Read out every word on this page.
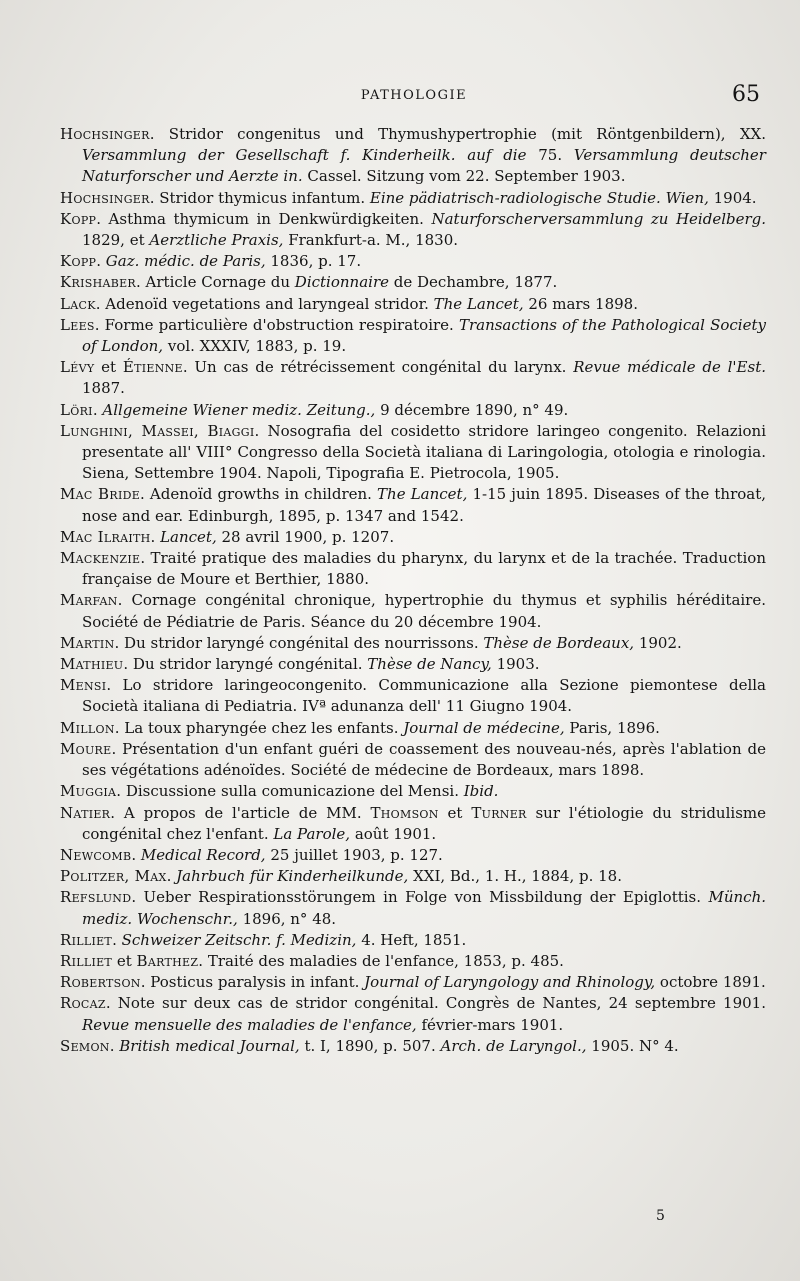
PATHOLOGIE	65

Hochsinger. Stridor congenitus und Thymushypertrophie (mit Röntgenbildern), XX. Versammlung der Gesellschaft f. Kinderheilk. auf die 75. Versammlung deutscher Naturforscher und Aerzte in. Cassel. Sitzung vom 22. September 1903.

Hochsinger. Stridor thymicus infantum. Eine pädiatrisch-radiologische Studie. Wien, 1904.

Kopp. Asthma thymicum in Denkwürdigkeiten. Naturforscherversammlung zu Heidelberg. 1829, et Aerztliche Praxis, Frankfurt-a. M., 1830.

Kopp. Gaz. médic. de Paris, 1836, p. 17.

Krishaber. Article Cornage du Dictionnaire de Dechambre, 1877.

Lack. Adenoïd vegetations and laryngeal stridor. The Lancet, 26 mars 1898.

Lees. Forme particulière d'obstruction respiratoire. Transactions of the Pathological Society of London, vol. XXXIV, 1883, p. 19.

Lévy et Étienne. Un cas de rétrécissement congénital du larynx. Revue médicale de l'Est. 1887.

Löri. Allgemeine Wiener mediz. Zeitung., 9 décembre 1890, n° 49.

Lunghini, Massei, Biaggi. Nosografia del cosidetto stridore laringeo congenito. Relazioni presentate all' VIII° Congresso della Società italiana di Laringologia, otologia e rinologia. Siena, Settembre 1904. Napoli, Tipografia E. Pietrocola, 1905.

Mac Bride. Adenoïd growths in children. The Lancet, 1-15 juin 1895. Diseases of the throat, nose and ear. Edinburgh, 1895, p. 1347 and 1542.

Mac Ilraith. Lancet, 28 avril 1900, p. 1207.

Mackenzie. Traité pratique des maladies du pharynx, du larynx et de la trachée. Traduction française de Moure et Berthier, 1880.

Marfan. Cornage congénital chronique, hypertrophie du thymus et syphilis héréditaire. Société de Pédiatrie de Paris. Séance du 20 décembre 1904.

Martin. Du stridor laryngé congénital des nourrissons. Thèse de Bordeaux, 1902.

Mathieu. Du stridor laryngé congénital. Thèse de Nancy, 1903.

Mensi. Lo stridore laringeocongenito. Communicazione alla Sezione piemontese della Società italiana di Pediatria. IVª adunanza dell' 11 Giugno 1904.

Millon. La toux pharyngée chez les enfants. Journal de médecine, Paris, 1896.

Moure. Présentation d'un enfant guéri de coassement des nouveau-nés, après l'ablation de ses végétations adénoïdes. Société de médecine de Bordeaux, mars 1898.

Muggia. Discussione sulla comunicazione del Mensi. Ibid.

Natier. A propos de l'article de MM. Thomson et Turner sur l'étiologie du stridulisme congénital chez l'enfant. La Parole, août 1901.

Newcomb. Medical Record, 25 juillet 1903, p. 127.

Politzer, Max. Jahrbuch für Kinderheilkunde, XXI, Bd., 1. H., 1884, p. 18.

Refslund. Ueber Respirationsstörungem in Folge von Missbildung der Epiglottis. Münch. mediz. Wochenschr., 1896, n° 48.

Rilliet. Schweizer Zeitschr. f. Medizin, 4. Heft, 1851.

Rilliet et Barthez. Traité des maladies de l'enfance, 1853, p. 485.

Robertson. Posticus paralysis in infant. Journal of Laryngology and Rhinology, octobre 1891.

Rocaz. Note sur deux cas de stridor congénital. Congrès de Nantes, 24 septembre 1901. Revue mensuelle des maladies de l'enfance, février-mars 1901.

Semon. British medical Journal, t. I, 1890, p. 507. Arch. de Laryngol., 1905. N° 4.

5
